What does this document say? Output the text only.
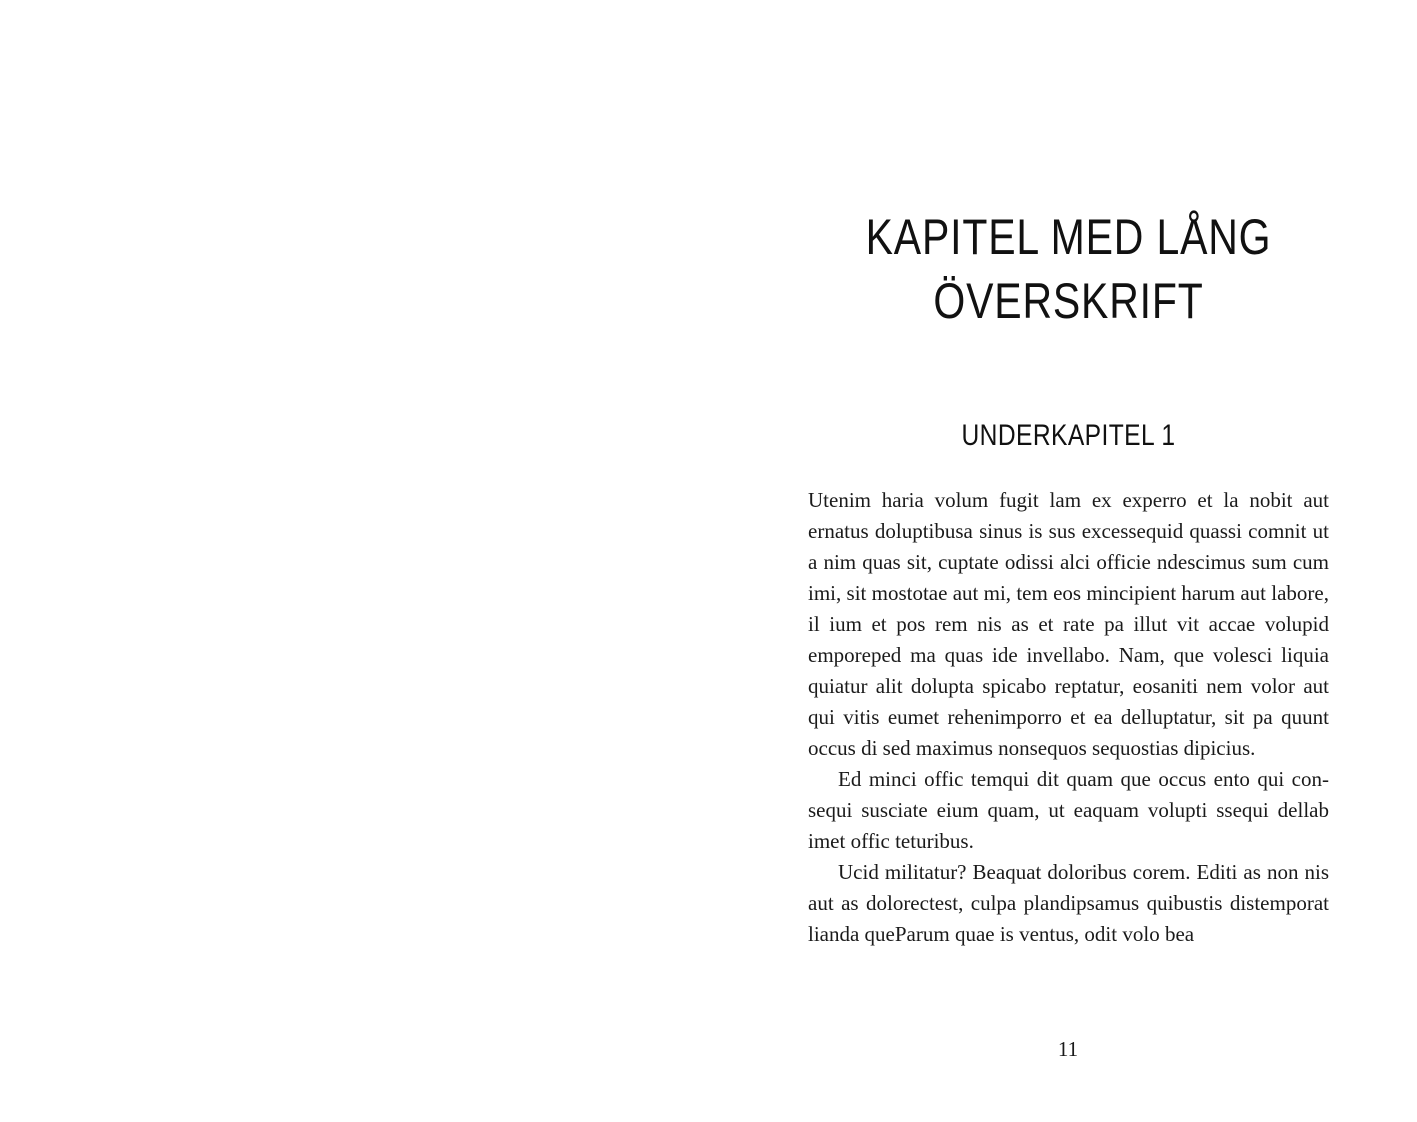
KAPITEL MED LÅNG
ÖVERSKRIFT
UNDERKAPITEL 1

Utenim haria volum fugit lam ex experro et la nobit aut ernatus doluptibusa sinus is sus excessequid quassi comnit ut a nim quas sit, cuptate odissi alci officie ndescimus sum cum imi, sit mostotae aut mi, tem eos mincipient harum aut labore, il ium et pos rem nis as et rate pa illut vit accae volupid emporeped ma quas ide invellabo. Nam, que volesci liquia quiatur alit dolupta spicabo reptatur, eosaniti nem volor aut qui vitis eumet rehenimporro et ea delluptatur, sit pa quunt occus di sed maximus nonsequos sequostias dipicius.

Ed minci offic temqui dit quam que occus ento qui consequi susciate eium quam, ut eaquam volupti ssequi dellab imet offic teturibus.

Ucid militatur? Beaquat doloribus corem. Editi as non nis aut as dolorectest, culpa plandipsamus quibustis distemporat lianda queParum quae is ventus, odit volo bea

11
